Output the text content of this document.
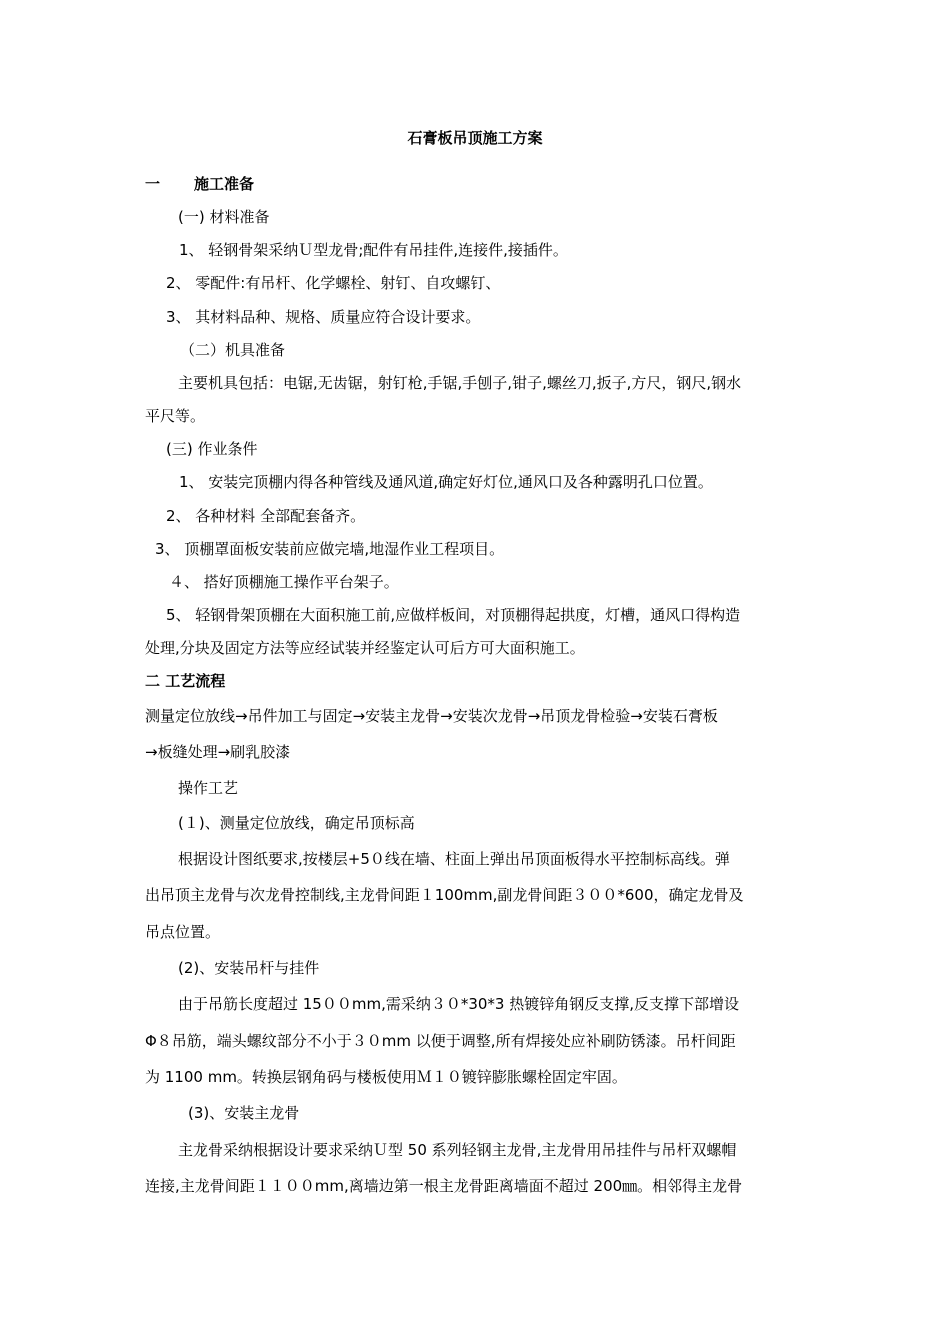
石膏板吊顶施工方案
一 施工准备
(一) 材料准备
1、 轻钢骨架采纳Ｕ型龙骨;配件有吊挂件,连接件,接插件。
2、 零配件:有吊杆、化学螺栓、射钉、自攻螺钉、
3、 其材料品种、规格、质量应符合设计要求。
（二）机具准备
主要机具包括：电锯,无齿锯，射钉枪,手锯,手刨子,钳子,螺丝刀,扳子,方尺，钢尺,钢水
平尺等。
(三) 作业条件
1、 安装完顶棚内得各种管线及通风道,确定好灯位,通风口及各种露明孔口位置。
2、 各种材料 全部配套备齐。
3、 顶棚罩面板安装前应做完墙,地湿作业工程项目。
４、 搭好顶棚施工操作平台架子。
5、 轻钢骨架顶棚在大面积施工前,应做样板间，对顶棚得起拱度，灯槽，通风口得构造
处理,分块及固定方法等应经试装并经鉴定认可后方可大面积施工。
二 工艺流程
测量定位放线→吊件加工与固定→安装主龙骨→安装次龙骨→吊顶龙骨检验→安装石膏板
→板缝处理→刷乳胶漆
操作工艺
(１)、测量定位放线，确定吊顶标高
根据设计图纸要求,按楼层+5０线在墙、柱面上弹出吊顶面板得水平控制标高线。弹
出吊顶主龙骨与次龙骨控制线,主龙骨间距１100mm,副龙骨间距３００*600，确定龙骨及
吊点位置。
(2)、安装吊杆与挂件
由于吊筋长度超过 15００mm,需采纳３０*30*3 热镀锌角钢反支撑,反支撑下部增设
Φ８吊筋，端头螺纹部分不小于３０mm 以便于调整,所有焊接处应补刷防锈漆。吊杆间距
为 1100 mm。转换层钢角码与楼板使用Ｍ１０镀锌膨胀螺栓固定牢固。
(3)、安装主龙骨
主龙骨采纳根据设计要求采纳Ｕ型 50 系列轻钢主龙骨,主龙骨用吊挂件与吊杆双螺帽
连接,主龙骨间距１１００mm,离墙边第一根主龙骨距离墙面不超过 200㎜。相邻得主龙骨
